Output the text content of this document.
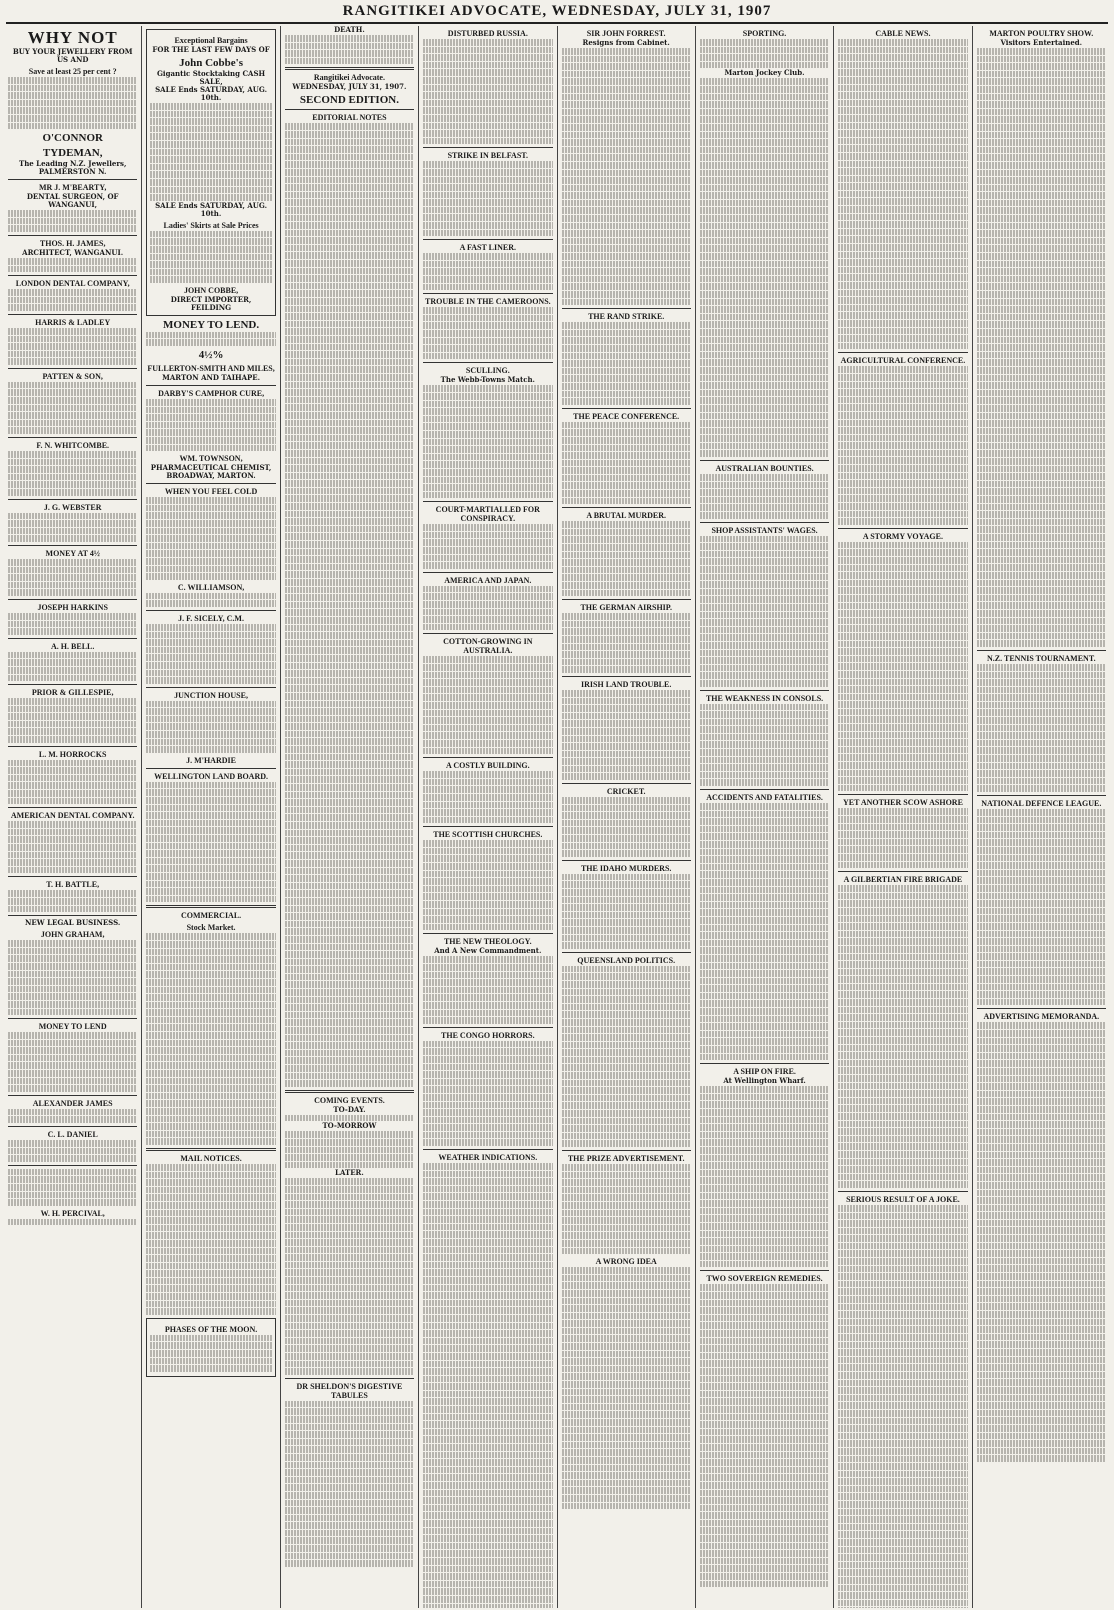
RANGITIKEI ADVOCATE, WEDNESDAY, JULY 31, 1907
WHY NOT
BUY YOUR JEWELLERY FROM US AND
Save at least 25 per cent ?
O'CONNOR
TYDEMAN,
The Leading N.Z. Jewellers, PALMERSTON N.
MR J. M'BEARTY,
DENTAL SURGEON, OF WANGANUI,
THOS. H. JAMES,
ARCHITECT, WANGANUI.
LONDON DENTAL COMPANY,
HARRIS & LADLEY
PATTEN & SON,
F. N. WHITCOMBE.
J. G. WEBSTER
MONEY AT 4½
JOSEPH HARKINS
A. H. BELL.
PRIOR & GILLESPIE,
L. M. HORROCKS
AMERICAN DENTAL COMPANY.
T. H. BATTLE,
NEW LEGAL BUSINESS.
JOHN GRAHAM,
MONEY TO LEND
ALEXANDER JAMES
C. L. DANIEL
W. H. PERCIVAL,
Exceptional Bargains
FOR THE LAST FEW DAYS OF
John Cobbe's
Gigantic Stocktaking CASH SALE,
SALE Ends SATURDAY, AUG. 10th.
SALE Ends SATURDAY, AUG. 10th.
Ladies' Skirts at Sale Prices
JOHN COBBE,
DIRECT IMPORTER, FEILDING
MONEY TO LEND.
4½%
FULLERTON-SMITH AND MILES,
MARTON AND TAIHAPE.
DARBY'S CAMPHOR CURE,
WM. TOWNSON,
PHARMACEUTICAL CHEMIST, BROADWAY, MARTON.
WHEN YOU FEEL COLD
C. WILLIAMSON,
J. F. SICELY, C.M.
JUNCTION HOUSE,
J. M'HARDIE
WELLINGTON LAND BOARD.
COMMERCIAL.
Stock Market.
MAIL NOTICES.
PHASES OF THE MOON.
DEATH.
Rangitikei Advocate.
WEDNESDAY, JULY 31, 1907.
SECOND EDITION.
EDITORIAL NOTES
COMING EVENTS.
TO-DAY.
TO-MORROW
LATER.
DR SHELDON'S DIGESTIVE TABULES
DISTURBED RUSSIA.
STRIKE IN BELFAST.
A FAST LINER.
TROUBLE IN THE CAMEROONS.
SCULLING.
The Webb-Towns Match.
COURT-MARTIALLED FOR CONSPIRACY.
AMERICA AND JAPAN.
COTTON-GROWING IN AUSTRALIA.
A COSTLY BUILDING.
THE SCOTTISH CHURCHES.
THE NEW THEOLOGY.
And A New Commandment.
THE CONGO HORRORS.
WEATHER INDICATIONS.
SIR JOHN FORREST.
Resigns from Cabinet.
THE RAND STRIKE.
THE PEACE CONFERENCE.
A BRUTAL MURDER.
THE GERMAN AIRSHIP.
IRISH LAND TROUBLE.
CRICKET.
THE IDAHO MURDERS.
QUEENSLAND POLITICS.
THE PRIZE ADVERTISEMENT.
A WRONG IDEA
SPORTING.
Marton Jockey Club.
AUSTRALIAN BOUNTIES.
SHOP ASSISTANTS' WAGES.
THE WEAKNESS IN CONSOLS.
ACCIDENTS AND FATALITIES.
A SHIP ON FIRE.
At Wellington Wharf.
TWO SOVEREIGN REMEDIES.
CABLE NEWS.
AGRICULTURAL CONFERENCE.
A STORMY VOYAGE.
YET ANOTHER SCOW ASHORE
A GILBERTIAN FIRE BRIGADE
SERIOUS RESULT OF A JOKE.
MARTON POULTRY SHOW.
Visitors Entertained.
N.Z. TENNIS TOURNAMENT.
NATIONAL DEFENCE LEAGUE.
ADVERTISING MEMORANDA.
